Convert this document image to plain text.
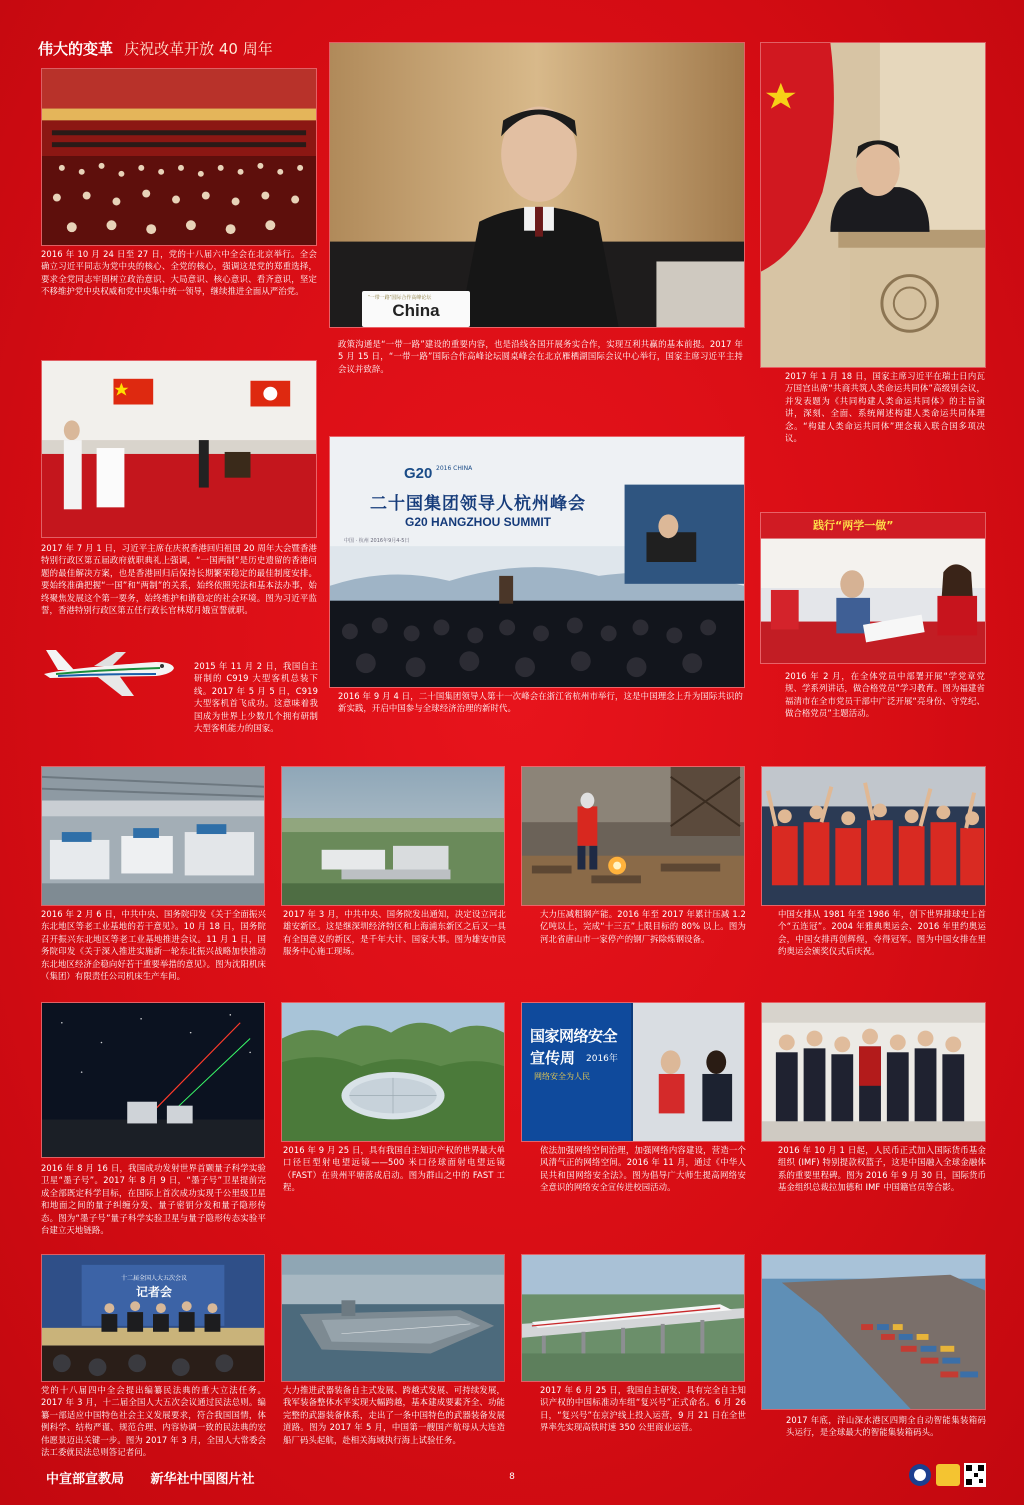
伟大的变革 庆祝改革开放 40 周年
2016 年 10 月 24 日至 27 日，党的十八届六中全会在北京举行。全会确立习近平同志为党中央的核心、全党的核心，强调这是党的郑重选择，要求全党同志牢固树立政治意识、大局意识、核心意识、看齐意识，坚定不移维护党中央权威和党中央集中统一领导，继续推进全面从严治党。
“一带一路”国际合作高峰论坛
China
政策沟通是“一带一路”建设的重要内容，也是沿线各国开展务实合作，实现互利共赢的基本前提。2017 年 5 月 15 日，“一带一路”国际合作高峰论坛圆桌峰会在北京雁栖湖国际会议中心举行，国家主席习近平主持会议并致辞。
2017 年 1 月 18 日，国家主席习近平在瑞士日内瓦万国宫出席“共商共筑人类命运共同体”高级别会议，并发表题为《共同构建人类命运共同体》的主旨演讲，深刻、全面、系统阐述构建人类命运共同体理念。“构建人类命运共同体”理念载入联合国多项决议。
2017 年 7 月 1 日，习近平主席在庆祝香港回归祖国 20 周年大会暨香港特别行政区第五届政府就职典礼上强调，“一国两制”是历史遗留的香港问题的最佳解决方案，也是香港回归后保持长期繁荣稳定的最佳制度安排。要始终准确把握“一国”和“两制”的关系，始终依照宪法和基本法办事，始终聚焦发展这个第一要务，始终维护和谐稳定的社会环境。图为习近平监誓，香港特别行政区第五任行政长官林郑月娥宣誓就职。
2015 年 11 月 2 日，我国自主研制的 C919 大型客机总装下线。2017 年 5 月 5 日，C919 大型客机首飞成功。这意味着我国成为世界上少数几个拥有研制大型客机能力的国家。
G20 2016 CHINA
二十国集团领导人杭州峰会
G20 HANGZHOU SUMMIT
中国 · 杭州 2016年9月4-5日
2016 年 9 月 4 日，二十国集团领导人第十一次峰会在浙江省杭州市举行，这是中国理念上升为国际共识的新实践，开启中国参与全球经济治理的新时代。
践行“两学一做”
2016 年 2 月，在全体党员中部署开展“学党章党规、学系列讲话，做合格党员”学习教育。图为福建省福清市在全市党员干部中广泛开展“亮身份、守党纪、做合格党员”主题活动。
2016 年 2 月 6 日，中共中央、国务院印发《关于全面振兴东北地区等老工业基地的若干意见》。10 月 18 日，国务院召开振兴东北地区等老工业基地推进会议。11 月 1 日，国务院印发《关于深入推进实施新一轮东北振兴战略加快推动东北地区经济企稳向好若干重要举措的意见》。图为沈阳机床（集团）有限责任公司机床生产车间。
2017 年 3 月，中共中央、国务院发出通知，决定设立河北雄安新区。这是继深圳经济特区和上海浦东新区之后又一具有全国意义的新区，是千年大计、国家大事。图为雄安市民服务中心施工现场。
大力压减粗钢产能。2016 年至 2017 年累计压减 1.2 亿吨以上，完成“十三五”上限目标的 80% 以上。图为河北省唐山市一家停产的钢厂拆除炼钢设备。
中国女排从 1981 年至 1986 年，创下世界排球史上首个“五连冠”。2004 年雅典奥运会、2016 年里约奥运会，中国女排再创辉煌，夺得冠军。图为中国女排在里约奥运会颁奖仪式后庆祝。
2016 年 8 月 16 日，我国成功发射世界首颗量子科学实验卫星“墨子号”。2017 年 8 月 9 日，“墨子号”卫星提前完成全部既定科学目标，在国际上首次成功实现千公里级卫星和地面之间的量子纠缠分发、量子密钥分发和量子隐形传态。图为“墨子号”量子科学实验卫星与量子隐形传态实验平台建立天地链路。
2016 年 9 月 25 日，具有我国自主知识产权的世界最大单口径巨型射电望远镜——500 米口径球面射电望远镜（FAST）在贵州平塘落成启动。图为群山之中的 FAST 工程。
国家网络安全
宣传周 2016年
网络安全为人民
依法加强网络空间治理，加强网络内容建设，营造一个风清气正的网络空间。2016 年 11 月，通过《中华人民共和国网络安全法》。图为倡导广大师生提高网络安全意识的网络安全宣传进校园活动。
2016 年 10 月 1 日起，人民币正式加入国际货币基金组织 (IMF) 特别提款权篮子，这是中国融入全球金融体系的重要里程碑。图为 2016 年 9 月 30 日，国际货币基金组织总裁拉加德和 IMF 中国籍官员等合影。
十二届全国人大五次会议
记者会
党的十八届四中全会提出编纂民法典的重大立法任务。2017 年 3 月，十二届全国人大五次会议通过民法总则。编纂一部适应中国特色社会主义发展要求，符合我国国情，体例科学、结构严谨、规范合理、内容协调一致的民法典的宏伟愿景迈出关键一步。图为 2017 年 3 月，全国人大常委会法工委就民法总则答记者问。
大力推进武器装备自主式发展、跨越式发展、可持续发展，我军装备整体水平实现大幅跨越，基本建成要素齐全、功能完整的武器装备体系，走出了一条中国特色的武器装备发展道路。图为 2017 年 5 月，中国第一艘国产航母从大连造船厂码头起航，赴相关海域执行海上试验任务。
2017 年 6 月 25 日，我国自主研发、具有完全自主知识产权的中国标准动车组“复兴号”正式命名。6 月 26 日，“复兴号”在京沪线上投入运营，9 月 21 日在全世界率先实现高铁时速 350 公里商业运营。
2017 年底，洋山深水港区四期全自动智能集装箱码头运行，是全球最大的智能集装箱码头。
中宣部宣教局 新华社中国图片社	8
